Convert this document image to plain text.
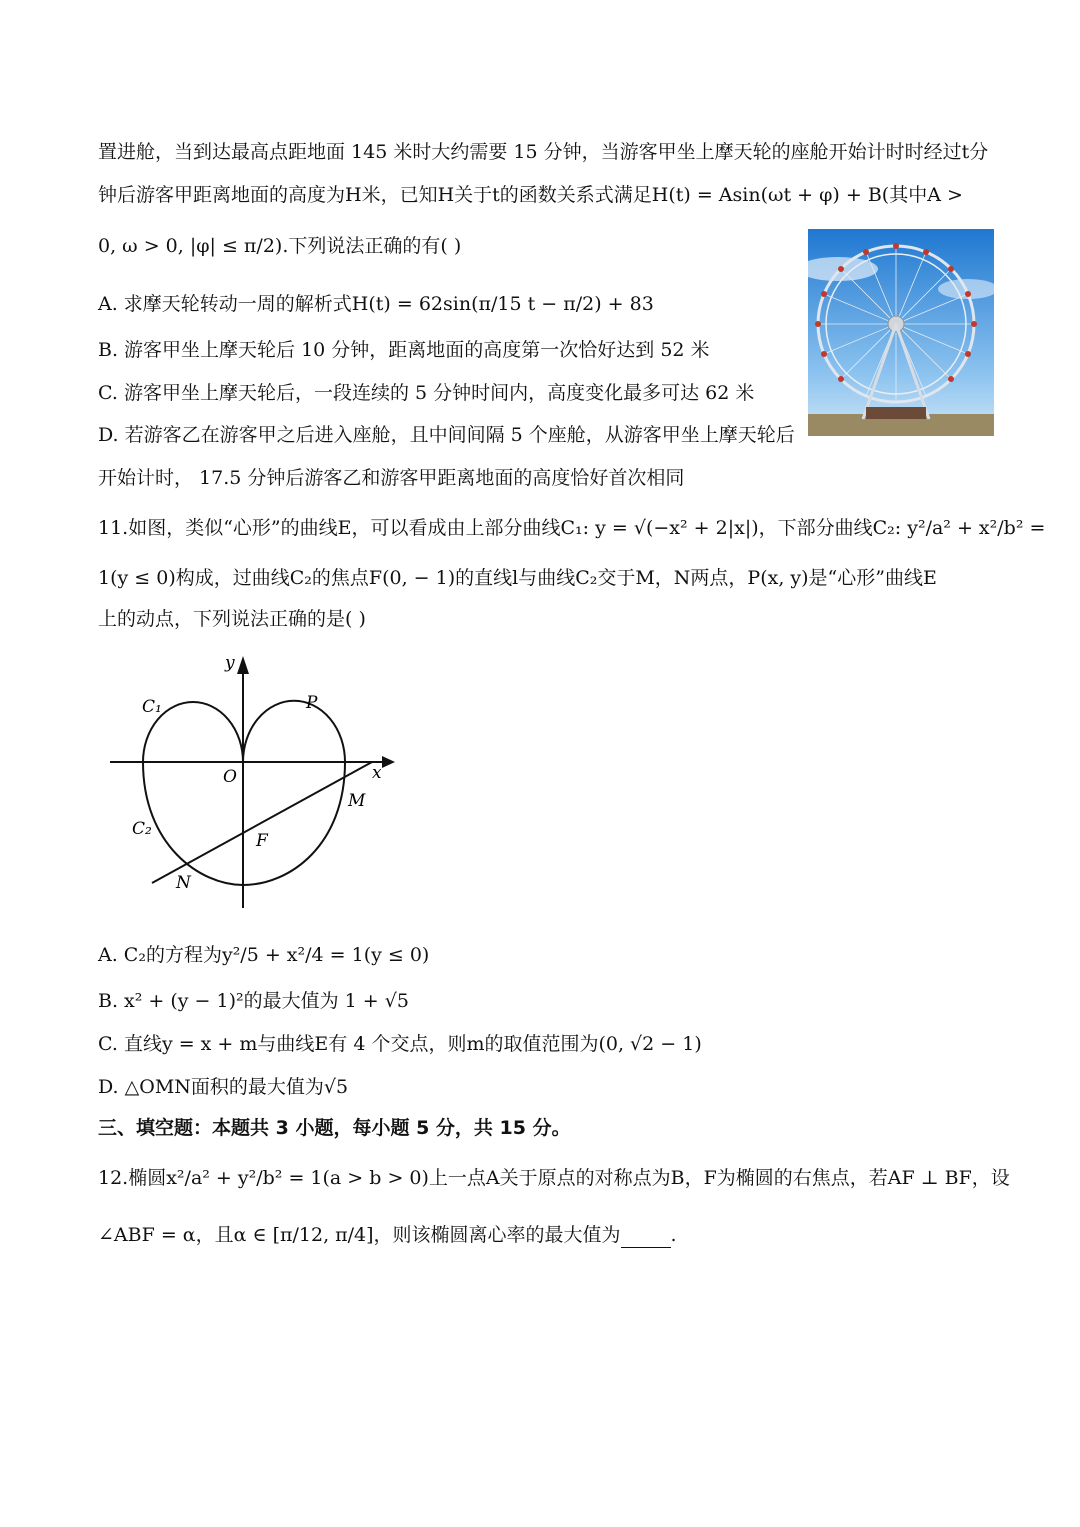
置进舱，当到达最高点距地面 145 米时大约需要 15 分钟，当游客甲坐上摩天轮的座舱开始计时时经过t分
钟后游客甲距离地面的高度为H米，已知H关于t的函数关系式满足H(t) = Asin(ωt + φ) + B(其中A >
0, ω > 0, |φ| ≤ π/2).下列说法正确的有( )
A. 求摩天轮转动一周的解析式H(t) = 62sin(π/15 t − π/2) + 83
B. 游客甲坐上摩天轮后 10 分钟，距离地面的高度第一次恰好达到 52 米
C. 游客甲坐上摩天轮后，一段连续的 5 分钟时间内，高度变化最多可达 62 米
D. 若游客乙在游客甲之后进入座舱，且中间间隔 5 个座舱，从游客甲坐上摩天轮后
开始计时， 17.5 分钟后游客乙和游客甲距离地面的高度恰好首次相同
11.如图，类似“心形”的曲线E，可以看成由上部分曲线C₁: y = √(−x² + 2|x|)，下部分曲线C₂: y²/a² + x²/b² =
1(y ≤ 0)构成，过曲线C₂的焦点F(0, − 1)的直线l与曲线C₂交于M，N两点，P(x, y)是“心形”曲线E
上的动点，下列说法正确的是( )
y
x
O
C₁
C₂
P
M
F
N
A. C₂的方程为y²/5 + x²/4 = 1(y ≤ 0)
B. x² + (y − 1)²的最大值为 1 + √5
C. 直线y = x + m与曲线E有 4 个交点，则m的取值范围为(0, √2 − 1)
D. △OMN面积的最大值为√5
三、填空题：本题共 3 小题，每小题 5 分，共 15 分。
12.椭圆x²/a² + y²/b² = 1(a > b > 0)上一点A关于原点的对称点为B，F为椭圆的右焦点，若AF ⊥ BF，设
∠ABF = α，且α ∈ [π/12, π/4]，则该椭圆离心率的最大值为	.
